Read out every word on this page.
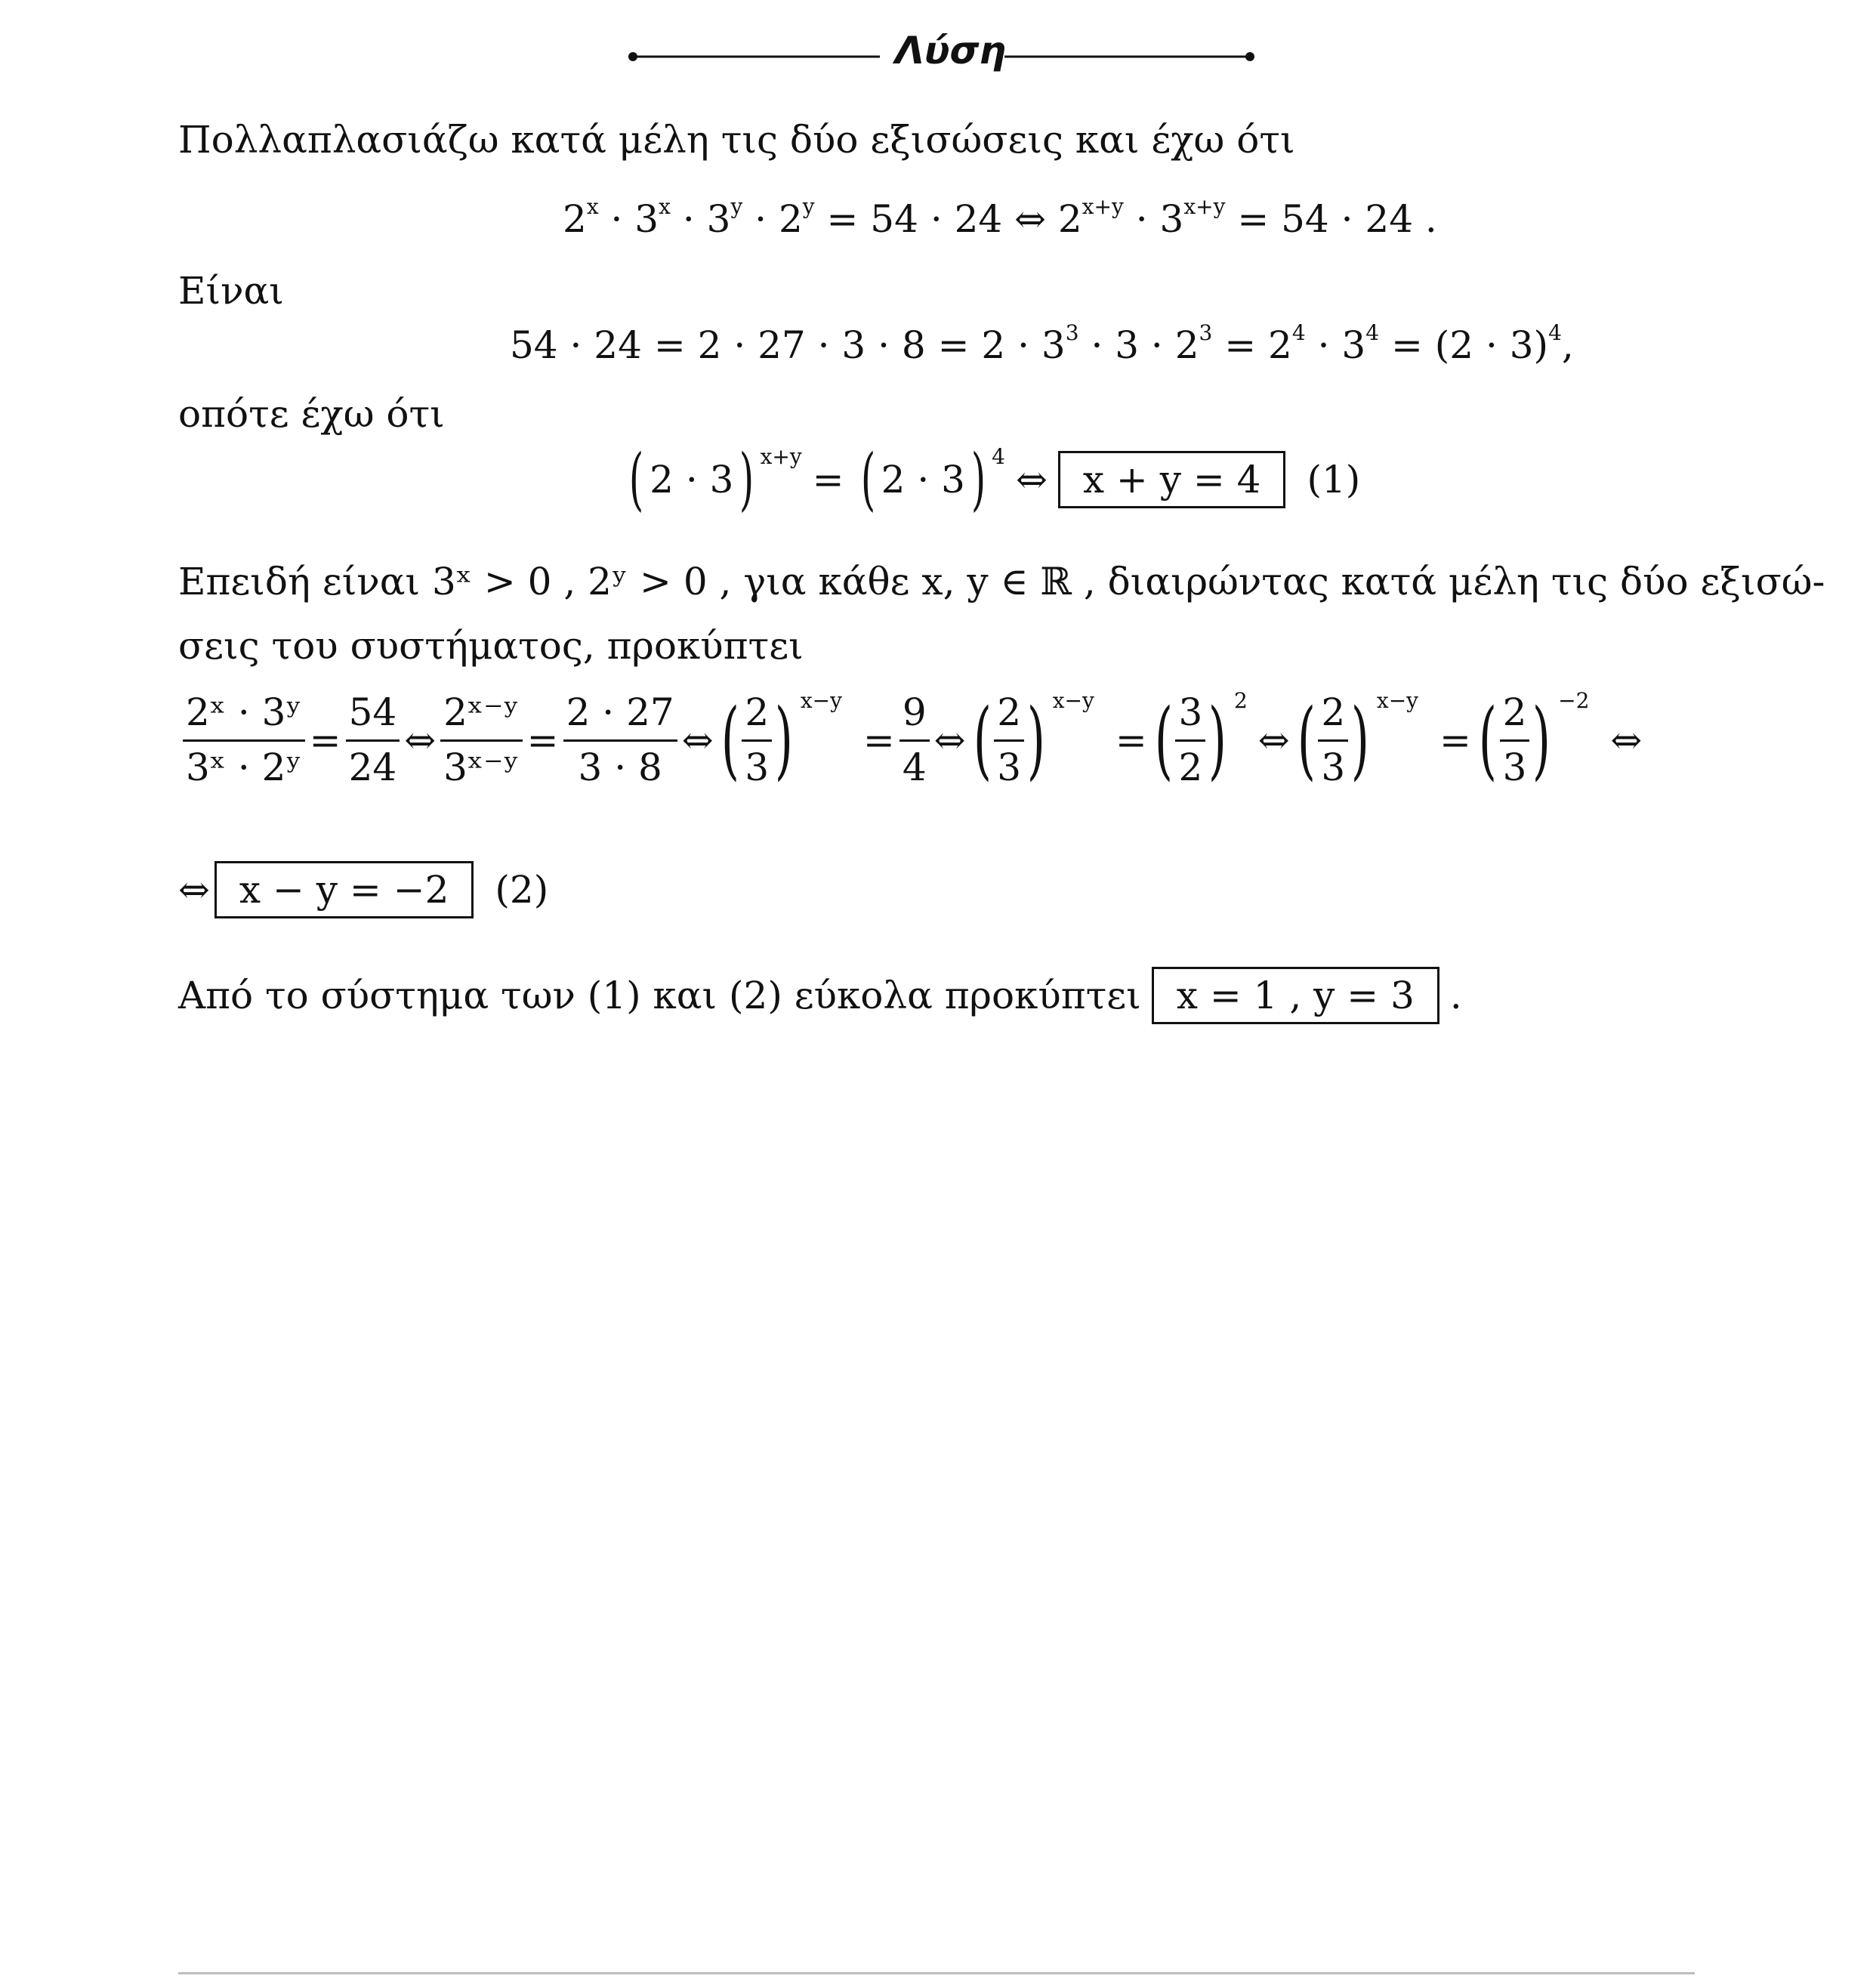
Λύση
Πολλαπλασιάζω κατά μέλη τις δύο εξισώσεις και έχω ότι
$2^x \cdot 3^x \cdot 3^y \cdot 2^y = 54 \cdot 24$ ⇔ $2^{x+y} \cdot 3^{x+y} = 54 \cdot 24$ .
Είναι
$54 \cdot 24 = 2 \cdot 27 \cdot 3 \cdot 8 = 2 \cdot 3^3 \cdot 3 \cdot 2^3 = 2^4 \cdot 3^4 = (2 \cdot 3)^4$,
οπότε έχω ότι
( 2 · 3 ) x+y
= ( 2 · 3 ) 4
⇔ x + y = 4	(1)
Επειδή είναι 3ˣ > 0 , 2ʸ > 0 , για κάθε x, y ∈ ℝ , διαιρώντας κατά μέλη τις δύο εξισώ-
σεις του συστήματος, προκύπτει
$\frac{\text{2ˣ · 3ʸ}}{\text{3ˣ · 2ʸ}} = \frac{54}{24}$ ⇔ $\frac{\text{2ˣ⁻ʸ}}{\text{3ˣ⁻ʸ}} = \frac{2 \cdot 27}{3 \cdot 8}$ ⇔ ( $\frac{2}{3}$ ) x−y
= $\frac{9}{4}$ ⇔ ( $\frac{2}{3}$ ) x−y
= ( $\frac{3}{2}$ ) 2
⇔ ( $\frac{2}{3}$ ) x−y
= ( $\frac{2}{3}$ ) −2
⇔
⇔ x − y = −2	(2)
Από το σύστημα των (1) και (2) εύκολα προκύπτει x = 1 , y = 3 .
